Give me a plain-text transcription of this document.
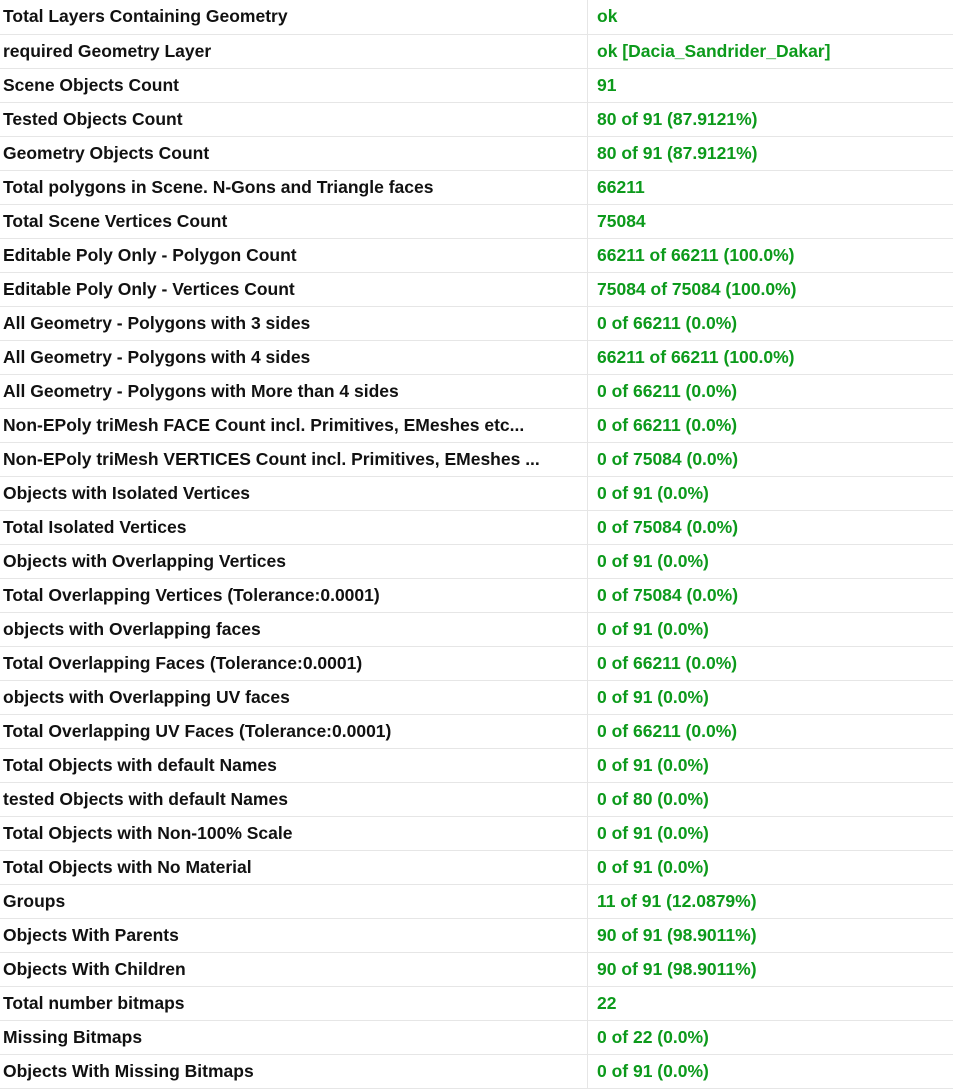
Total Layers Containing Geometry	ok
required Geometry Layer	ok [Dacia_Sandrider_Dakar]
Scene Objects Count	91
Tested Objects Count	80 of 91 (87.9121%)
Geometry Objects Count	80 of 91 (87.9121%)
Total polygons in Scene. N-Gons and Triangle faces	66211
Total Scene Vertices Count	75084
Editable Poly Only - Polygon Count	66211 of 66211 (100.0%)
Editable Poly Only - Vertices Count	75084 of 75084 (100.0%)
All Geometry - Polygons with 3 sides	0 of 66211 (0.0%)
All Geometry - Polygons with 4 sides	66211 of 66211 (100.0%)
All Geometry - Polygons with More than 4 sides	0 of 66211 (0.0%)
Non-EPoly triMesh FACE Count incl. Primitives, EMeshes etc...	0 of 66211 (0.0%)
Non-EPoly triMesh VERTICES Count incl. Primitives, EMeshes ...	0 of 75084 (0.0%)
Objects with Isolated Vertices	0 of 91 (0.0%)
Total Isolated Vertices	0 of 75084 (0.0%)
Objects with Overlapping Vertices	0 of 91 (0.0%)
Total Overlapping Vertices (Tolerance:0.0001)	0 of 75084 (0.0%)
objects with Overlapping faces	0 of 91 (0.0%)
Total Overlapping Faces (Tolerance:0.0001)	0 of 66211 (0.0%)
objects with Overlapping UV faces	0 of 91 (0.0%)
Total Overlapping UV Faces (Tolerance:0.0001)	0 of 66211 (0.0%)
Total Objects with default Names	0 of 91 (0.0%)
tested Objects with default Names	0 of 80 (0.0%)
Total Objects with Non-100% Scale	0 of 91 (0.0%)
Total Objects with No Material	0 of 91 (0.0%)
Groups	11 of 91 (12.0879%)
Objects With Parents	90 of 91 (98.9011%)
Objects With Children	90 of 91 (98.9011%)
Total number bitmaps	22
Missing Bitmaps	0 of 22 (0.0%)
Objects With Missing Bitmaps	0 of 91 (0.0%)
